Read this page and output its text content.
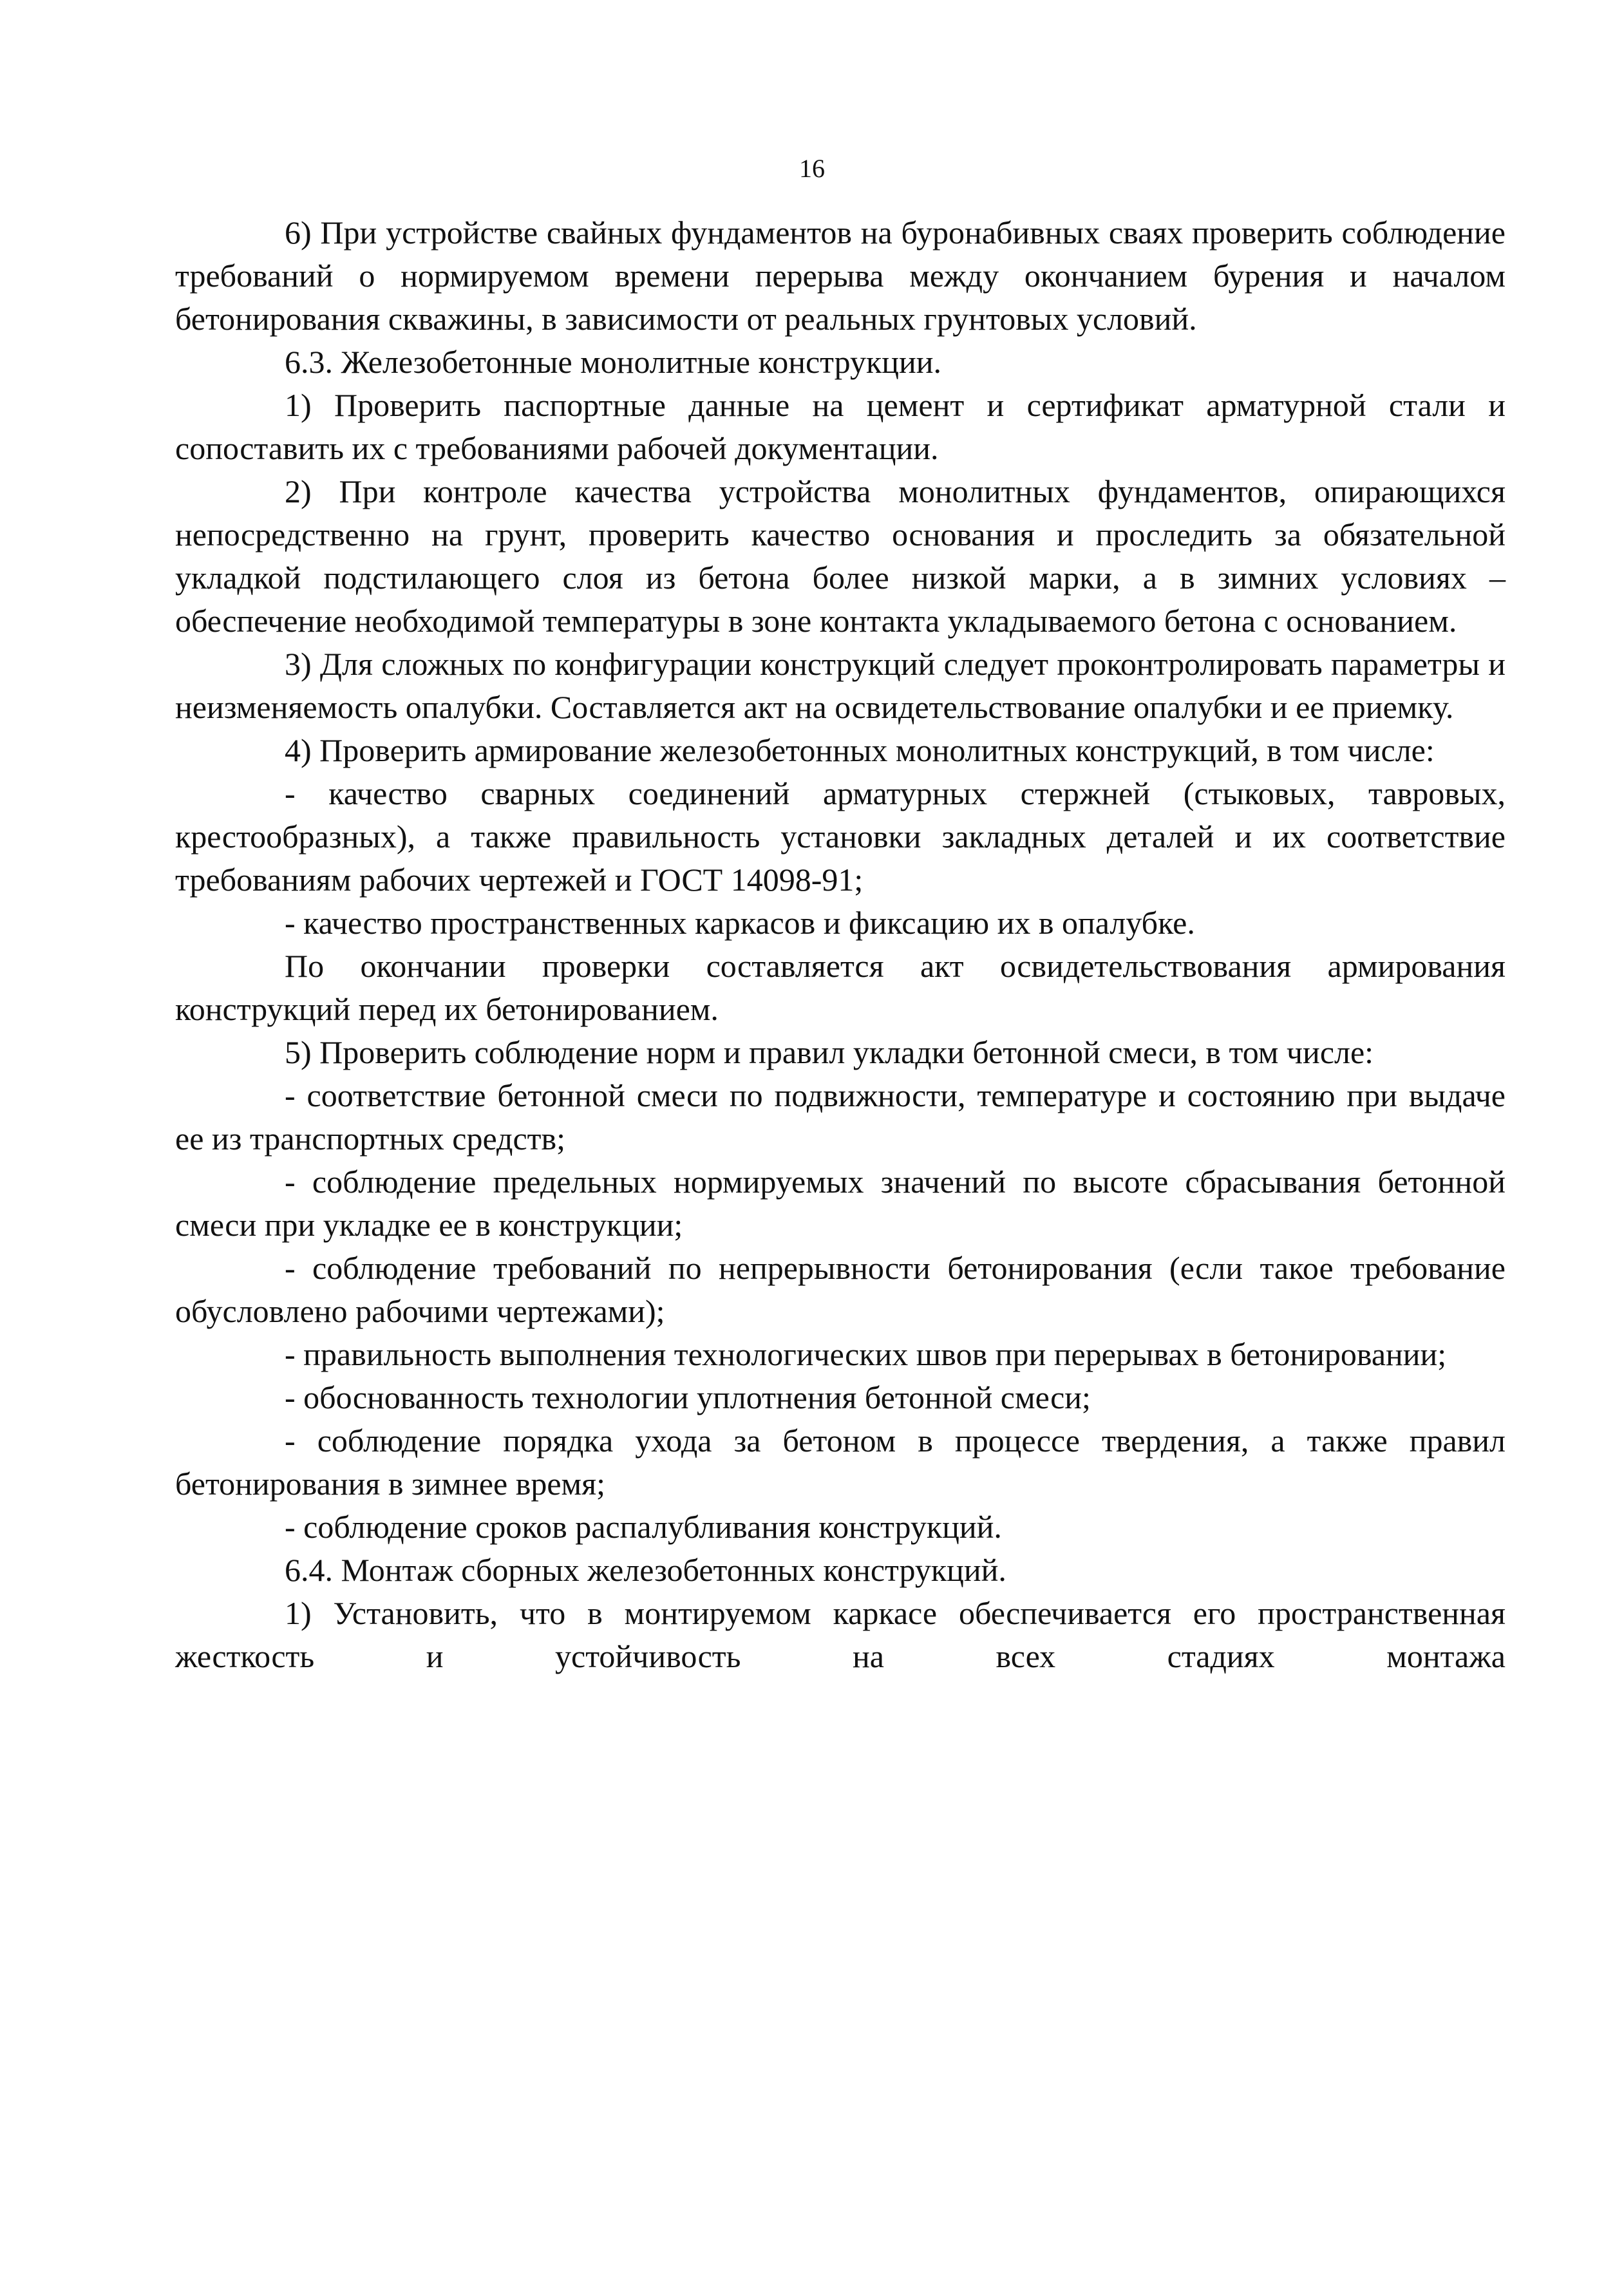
16

6) При устройстве свайных фундаментов на буронабивных сваях проверить соблюдение требований о нормируемом времени перерыва между окончанием бурения и началом бетонирования скважины, в зависимости от реальных грунтовых условий.

6.3. Железобетонные монолитные конструкции.

1) Проверить паспортные данные на цемент и сертификат арматурной стали и сопоставить их с требованиями рабочей документации.

2) При контроле качества устройства монолитных фундаментов, опирающихся непосредственно на грунт, проверить качество основания и проследить за обязательной укладкой подстилающего слоя из бетона более низкой марки, а в зимних условиях – обеспечение необходимой температуры в зоне контакта укладываемого бетона с основанием.

3) Для сложных по конфигурации конструкций следует проконтролировать параметры и неизменяемость опалубки. Составляется акт на освидетельствование опалубки и ее приемку.

4) Проверить армирование железобетонных монолитных конструкций, в том числе:

- качество сварных соединений арматурных стержней (стыковых, тавровых, крестообразных), а также правильность установки закладных деталей и их соответствие требованиям рабочих чертежей и ГОСТ 14098-91;

- качество пространственных каркасов и фиксацию их в опалубке.

По окончании проверки составляется акт освидетельствования армирования конструкций перед их бетонированием.

5) Проверить соблюдение норм и правил укладки бетонной смеси, в том числе:

- соответствие бетонной смеси по подвижности, температуре и состоянию при выдаче ее из транспортных средств;

- соблюдение предельных нормируемых значений по высоте сбрасывания бетонной смеси при укладке ее в конструкции;

- соблюдение требований по непрерывности бетонирования (если такое требование обусловлено рабочими чертежами);

- правильность выполнения технологических швов при перерывах в бетонировании;

- обоснованность технологии уплотнения бетонной смеси;

- соблюдение порядка ухода за бетоном в процессе твердения, а также правил бетонирования в зимнее время;

- соблюдение сроков распалубливания конструкций.

6.4. Монтаж сборных железобетонных конструкций.

1) Установить, что в монтируемом каркасе обеспечивается его пространственная жесткость и устойчивость на всех стадиях монтажа
